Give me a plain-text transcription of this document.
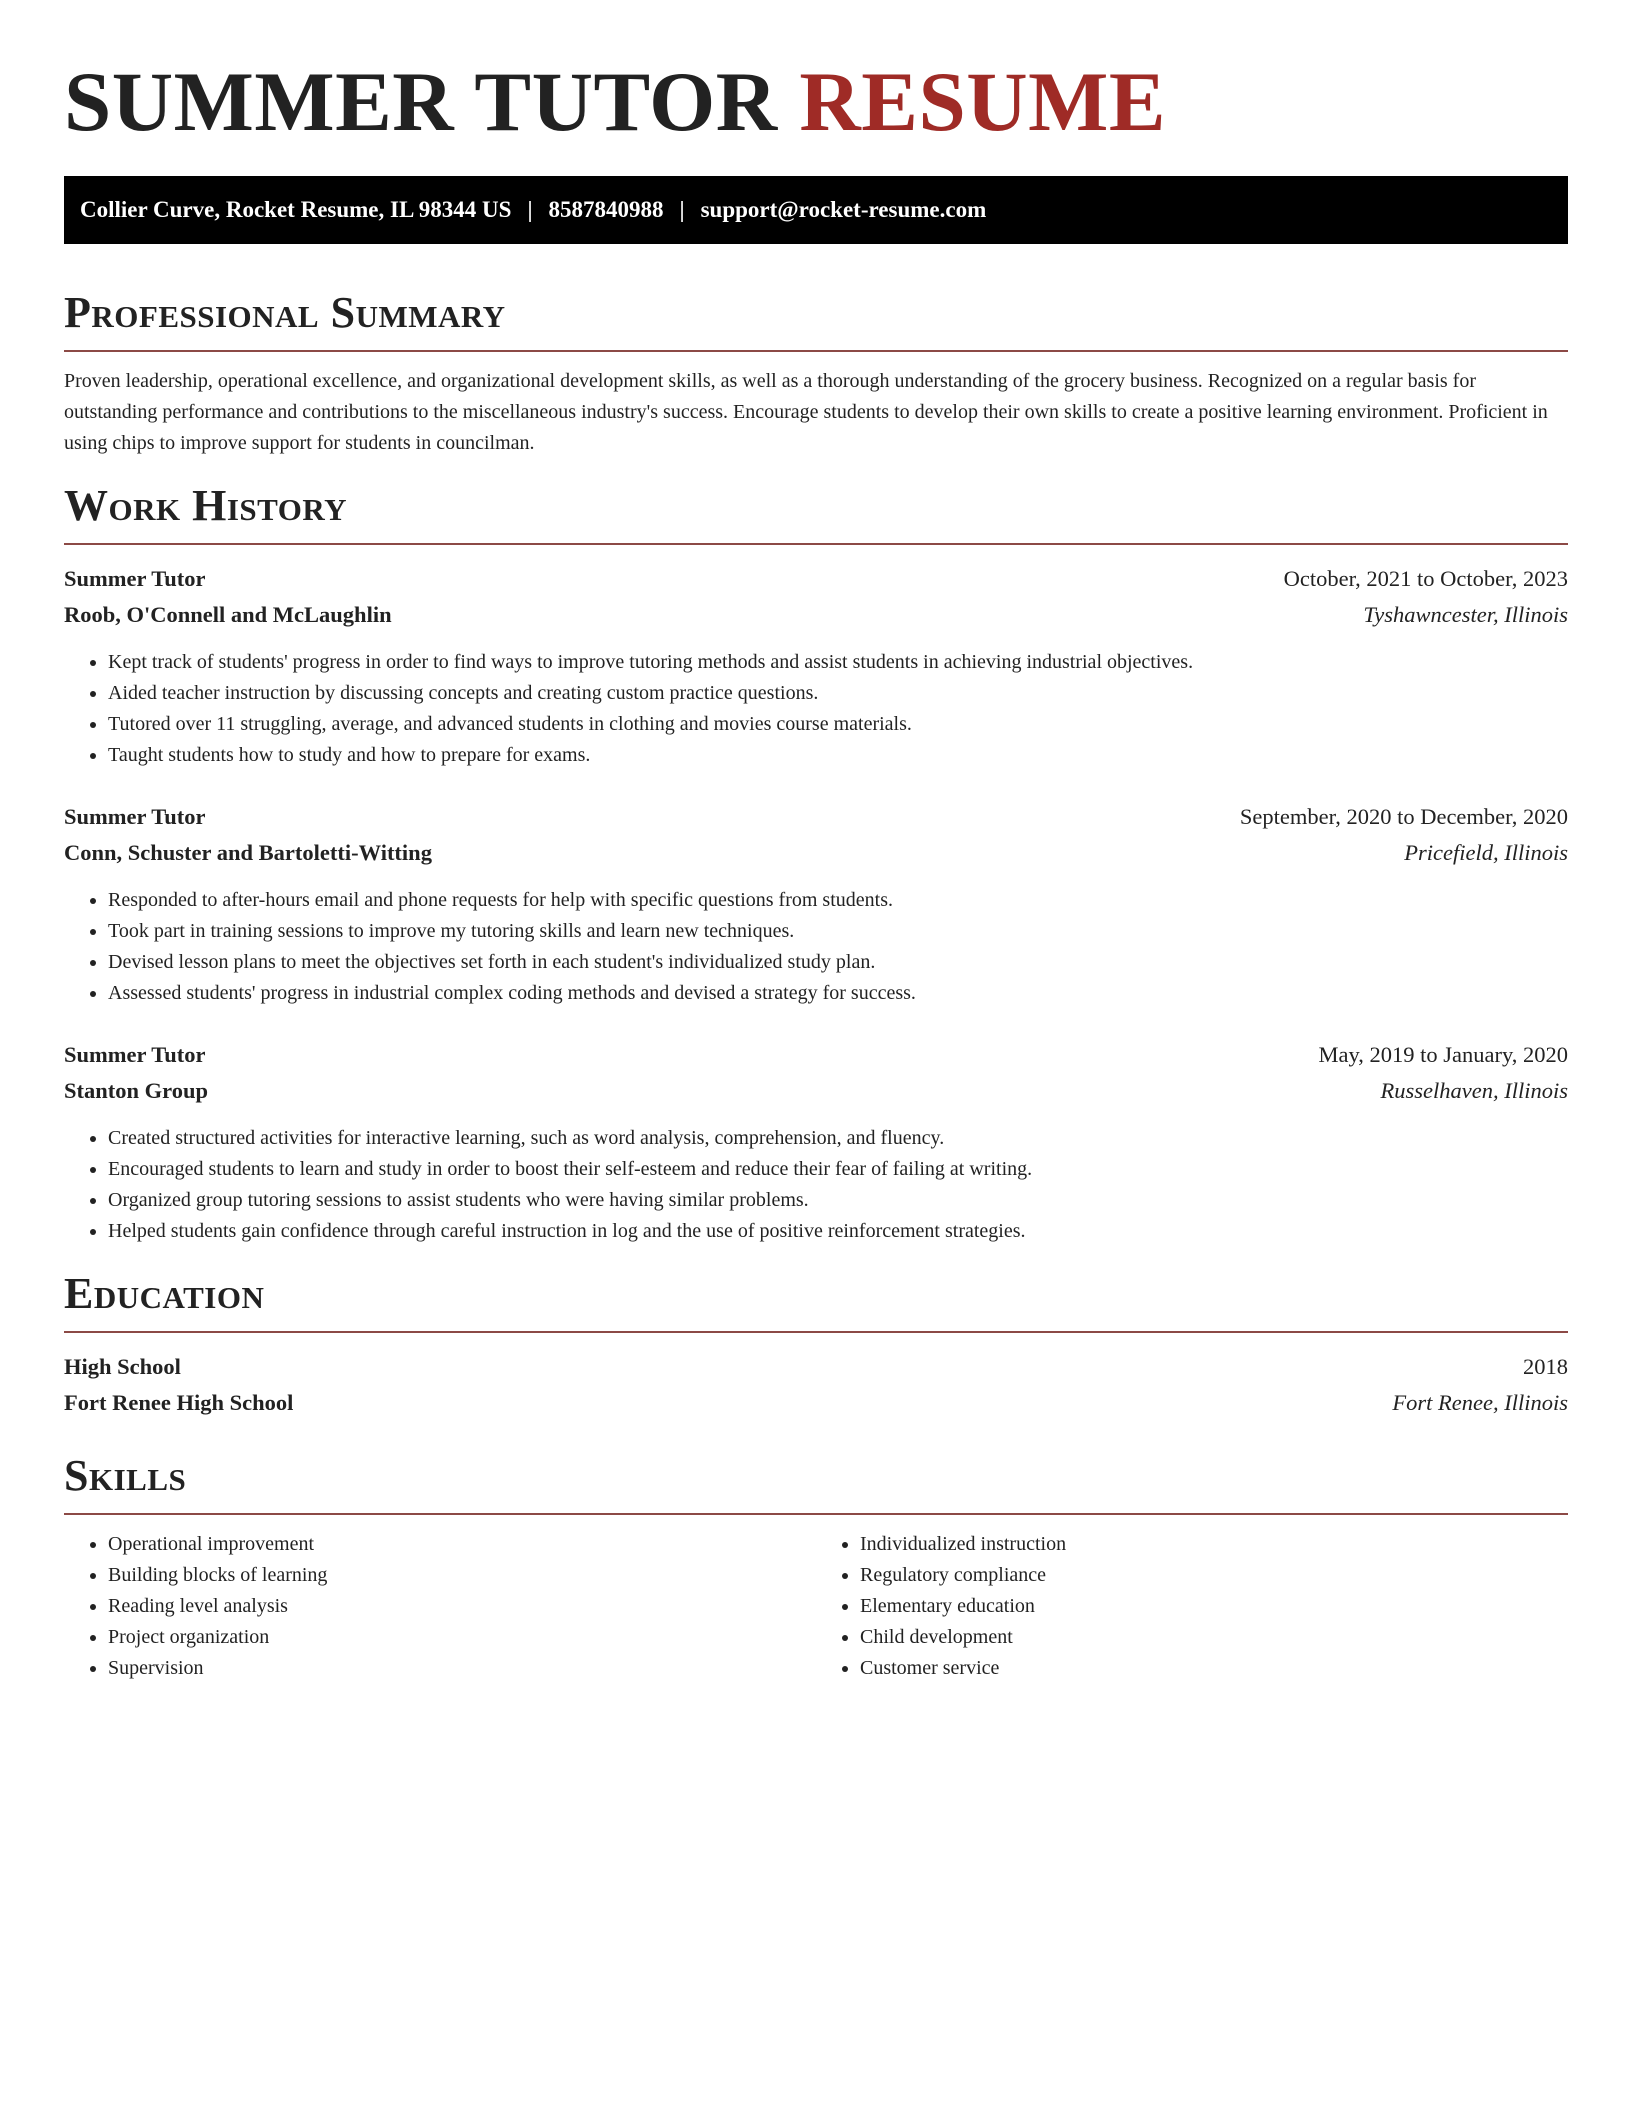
SUMMER TUTOR RESUME
Collier Curve, Rocket Resume, IL 98344 US | 8587840988 | support@rocket-resume.com
Professional Summary

Proven leadership, operational excellence, and organizational development skills, as well as a thorough understanding of the grocery business. Recognized on a regular basis for outstanding performance and contributions to the miscellaneous industry's success. Encourage students to develop their own skills to create a positive learning environment. Proficient in using chips to improve support for students in councilman.

Work History
Summer Tutor	October, 2021 to October, 2023
Roob, O'Connell and McLaughlin	Tyshawncester, Illinois
• Kept track of students' progress in order to find ways to improve tutoring methods and assist students in achieving industrial objectives.
• Aided teacher instruction by discussing concepts and creating custom practice questions.
• Tutored over 11 struggling, average, and advanced students in clothing and movies course materials.
• Taught students how to study and how to prepare for exams.
Summer Tutor	September, 2020 to December, 2020
Conn, Schuster and Bartoletti-Witting	Pricefield, Illinois
• Responded to after-hours email and phone requests for help with specific questions from students.
• Took part in training sessions to improve my tutoring skills and learn new techniques.
• Devised lesson plans to meet the objectives set forth in each student's individualized study plan.
• Assessed students' progress in industrial complex coding methods and devised a strategy for success.
Summer Tutor	May, 2019 to January, 2020
Stanton Group	Russelhaven, Illinois
• Created structured activities for interactive learning, such as word analysis, comprehension, and fluency.
• Encouraged students to learn and study in order to boost their self-esteem and reduce their fear of failing at writing.
• Organized group tutoring sessions to assist students who were having similar problems.
• Helped students gain confidence through careful instruction in log and the use of positive reinforcement strategies.
Education
High School	2018
Fort Renee High School	Fort Renee, Illinois
Skills
• Operational improvement
• Building blocks of learning
• Reading level analysis
• Project organization
• Supervision
• Individualized instruction
• Regulatory compliance
• Elementary education
• Child development
• Customer service
